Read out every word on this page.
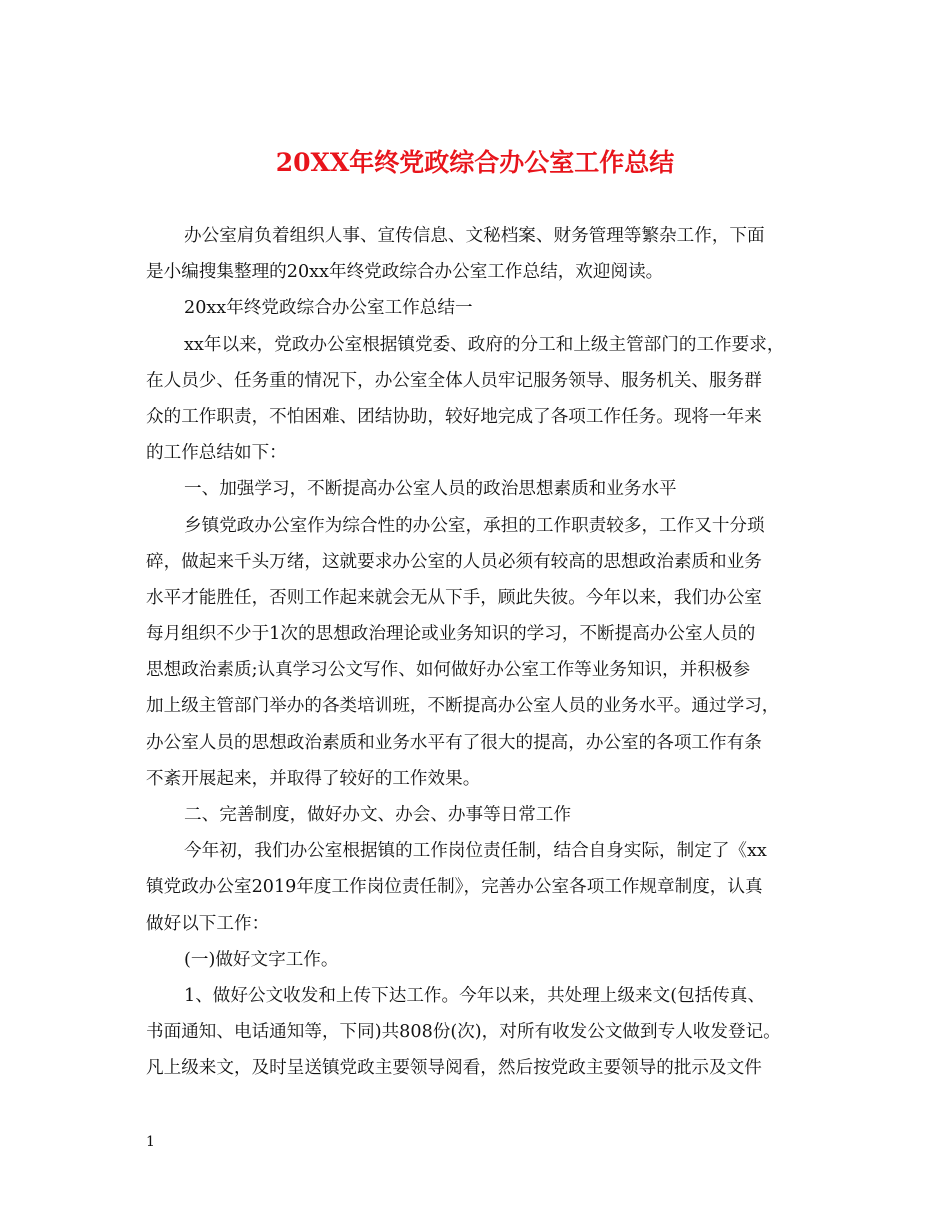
20XX年终党政综合办公室工作总结
办公室肩负着组织人事、宣传信息、文秘档案、财务管理等繁杂工作，下面
是小编搜集整理的20xx年终党政综合办公室工作总结，欢迎阅读。
20xx年终党政综合办公室工作总结一
xx年以来，党政办公室根据镇党委、政府的分工和上级主管部门的工作要求，
在人员少、任务重的情况下，办公室全体人员牢记服务领导、服务机关、服务群
众的工作职责，不怕困难、团结协助，较好地完成了各项工作任务。现将一年来
的工作总结如下：
一、加强学习，不断提高办公室人员的政治思想素质和业务水平
乡镇党政办公室作为综合性的办公室，承担的工作职责较多，工作又十分琐
碎，做起来千头万绪，这就要求办公室的人员必须有较高的思想政治素质和业务
水平才能胜任，否则工作起来就会无从下手，顾此失彼。今年以来，我们办公室
每月组织不少于1次的思想政治理论或业务知识的学习，不断提高办公室人员的
思想政治素质;认真学习公文写作、如何做好办公室工作等业务知识，并积极参
加上级主管部门举办的各类培训班，不断提高办公室人员的业务水平。通过学习，
办公室人员的思想政治素质和业务水平有了很大的提高，办公室的各项工作有条
不紊开展起来，并取得了较好的工作效果。
二、完善制度，做好办文、办会、办事等日常工作
今年初，我们办公室根据镇的工作岗位责任制，结合自身实际，制定了《xx
镇党政办公室2019年度工作岗位责任制》，完善办公室各项工作规章制度，认真
做好以下工作：
(一)做好文字工作。
1、做好公文收发和上传下达工作。今年以来，共处理上级来文(包括传真、
书面通知、电话通知等，下同)共808份(次)，对所有收发公文做到专人收发登记。
凡上级来文，及时呈送镇党政主要领导阅看，然后按党政主要领导的批示及文件
1
